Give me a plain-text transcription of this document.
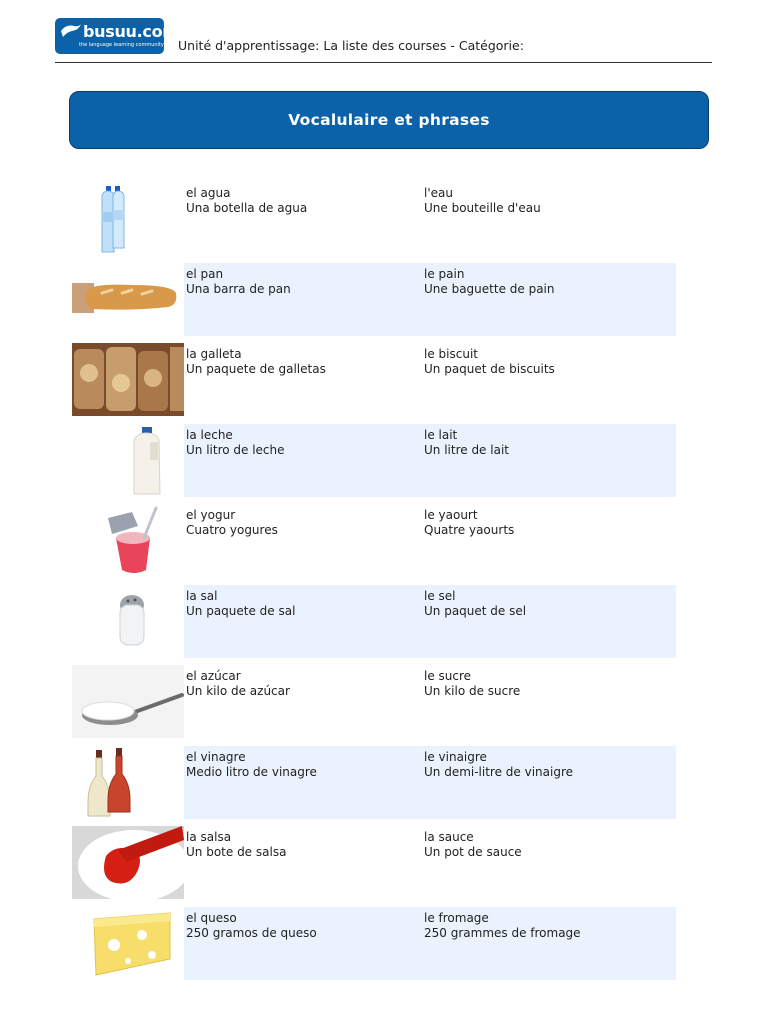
busuu.com
the language learning community! Unité d'apprentissage: La liste des courses - Catégorie:
Vocalulaire et phrases
el agua
Una botella de agua
l'eau
Une bouteille d'eau
el pan
Una barra de pan
le pain
Une baguette de pain
la galleta
Un paquete de galletas
le biscuit
Un paquet de biscuits
la leche
Un litro de leche
le lait
Un litre de lait
el yogur
Cuatro yogures
le yaourt
Quatre yaourts
la sal
Un paquete de sal
le sel
Un paquet de sel
el azúcar
Un kilo de azúcar
le sucre
Un kilo de sucre
el vinagre
Medio litro de vinagre
le vinaigre
Un demi-litre de vinaigre
la salsa
Un bote de salsa
la sauce
Un pot de sauce
el queso
250 gramos de queso
le fromage
250 grammes de fromage
